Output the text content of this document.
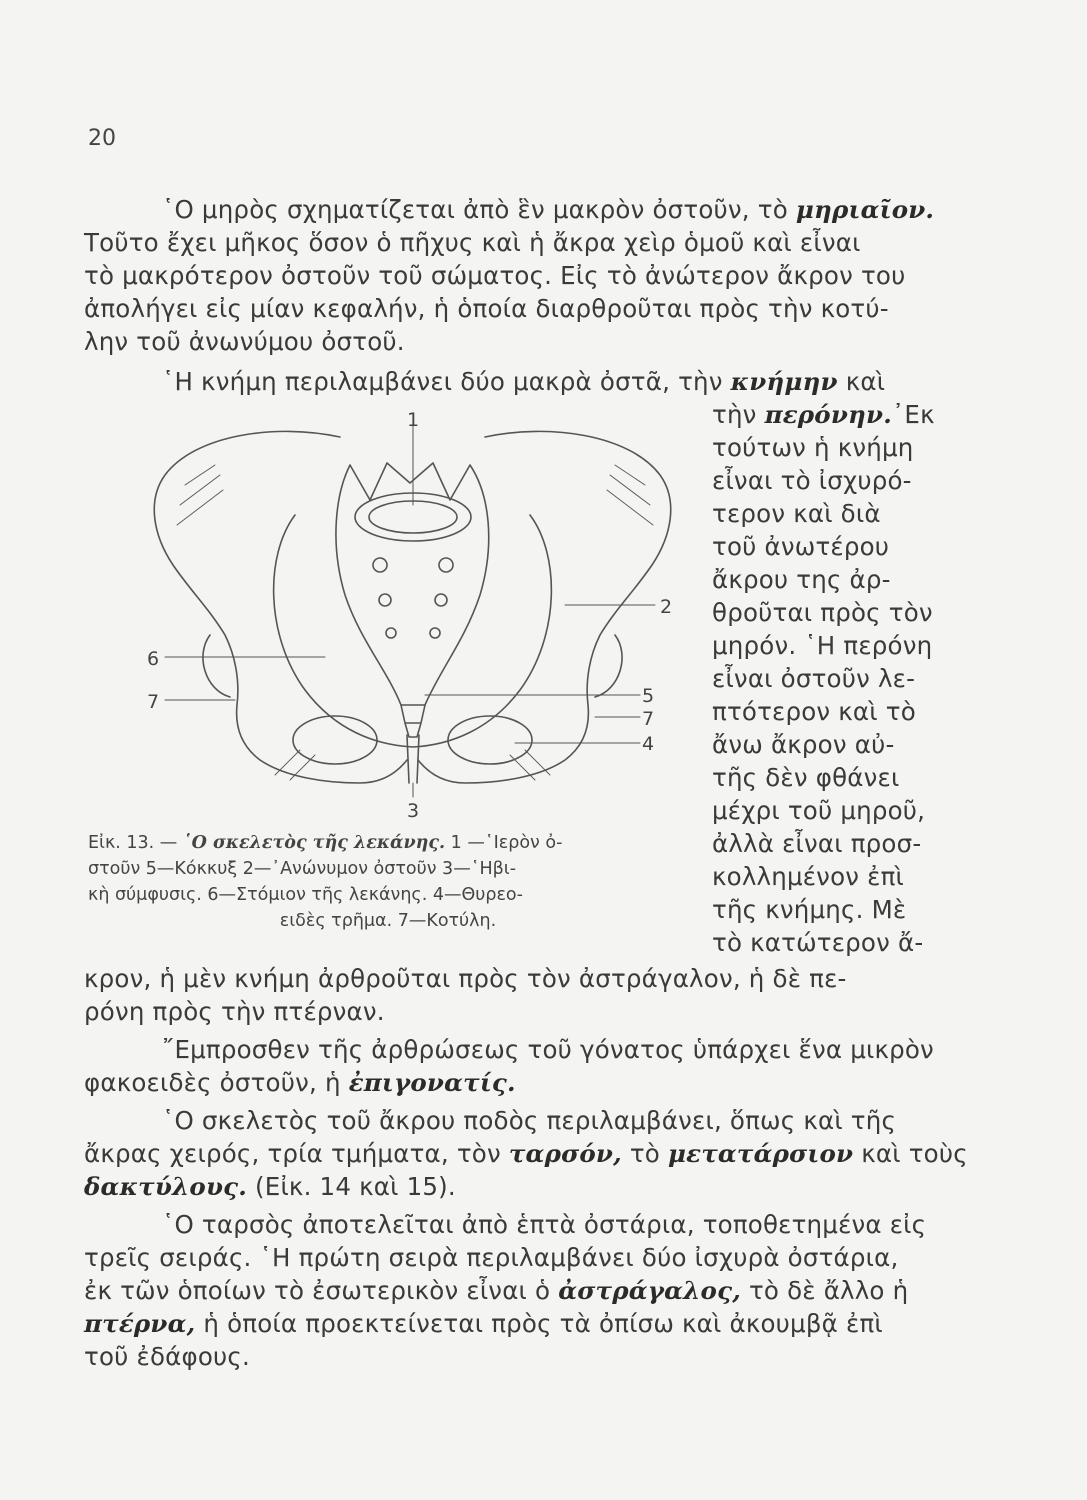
20

῾Ο μηρὸς σχηματίζεται ἀπὸ ἓν μακρὸν ὀστοῦν, τὸ μηριαῖον.

Τοῦτο ἔχει μῆκος ὅσον ὁ πῆχυς καὶ ἡ ἄκρα χεὶρ ὁμοῦ καὶ εἶναι

τὸ μακρότερον ὀστοῦν τοῦ σώματος. Εἰς τὸ ἀνώτερον ἄκρον του

ἀπολήγει εἰς μίαν κεφαλήν, ἡ ὁποία διαρθροῦται πρὸς τὴν κοτύ-

λην τοῦ ἀνωνύμου ὀστοῦ.

῾Η κνήμη περιλαμβάνει δύο μακρὰ ὀστᾶ, τὴν κνήμην καὶ

τὴν περόνην.᾿Εκ

τούτων ἡ κνήμη

εἶναι τὸ ἰσχυρό-

τερον καὶ διὰ

τοῦ ἀνωτέρου

ἄκρου της ἀρ-

θροῦται πρὸς τὸν

μηρόν. ῾Η περόνη

εἶναι ὀστοῦν λε-

πτότερον καὶ τὸ

ἄνω ἄκρον αὐ-

τῆς δὲν φθάνει

μέχρι τοῦ μηροῦ,

ἀλλὰ εἶναι προσ-

κολλημένον ἐπὶ

τῆς κνήμης. Μὲ

τὸ κατώτερον ἄ-

κρον, ἡ μὲν κνήμη ἀρθροῦται πρὸς τὸν ἀστράγαλον, ἡ δὲ πε-

ρόνη πρὸς τὴν πτέρναν.

῎Εμπροσθεν τῆς ἀρθρώσεως τοῦ γόνατος ὑπάρχει ἕνα μικρὸν

φακοειδὲς ὀστοῦν, ἡ ἐπιγονατίς.

῾Ο σκελετὸς τοῦ ἄκρου ποδὸς περιλαμβάνει, ὅπως καὶ τῆς

ἄκρας χειρός, τρία τμήματα, τὸν ταρσόν, τὸ μετατάρσιον καὶ τοὺς

δακτύλους. (Εἰκ. 14 καὶ 15).

῾Ο ταρσὸς ἀποτελεῖται ἀπὸ ἑπτὰ ὀστάρια, τοποθετημένα εἰς

τρεῖς σειράς. ῾Η πρώτη σειρὰ περιλαμβάνει δύο ἰσχυρὰ ὀστάρια,

ἐκ τῶν ὁποίων τὸ ἐσωτερικὸν εἶναι ὁ ἀστράγαλος, τὸ δὲ ἄλλο ἡ

πτέρνα, ἡ ὁποία προεκτείνεται πρὸς τὰ ὀπίσω καὶ ἀκουμβᾷ ἐπὶ

τοῦ ἐδάφους.

1
2
3
4
5
6
7
7
Εἰκ. 13. — ῾Ο σκελετὸς τῆς λεκάνης. 1 —῾Ιερὸν ὀ-
στοῦν 5—Κόκκυξ 2—᾿Ανώνυμον ὀστοῦν 3—῾Ηβι-
κὴ σύμφυσις. 6—Στόμιον τῆς λεκάνης. 4—Θυρεο-
ειδὲς τρῆμα. 7—Κοτύλη.
